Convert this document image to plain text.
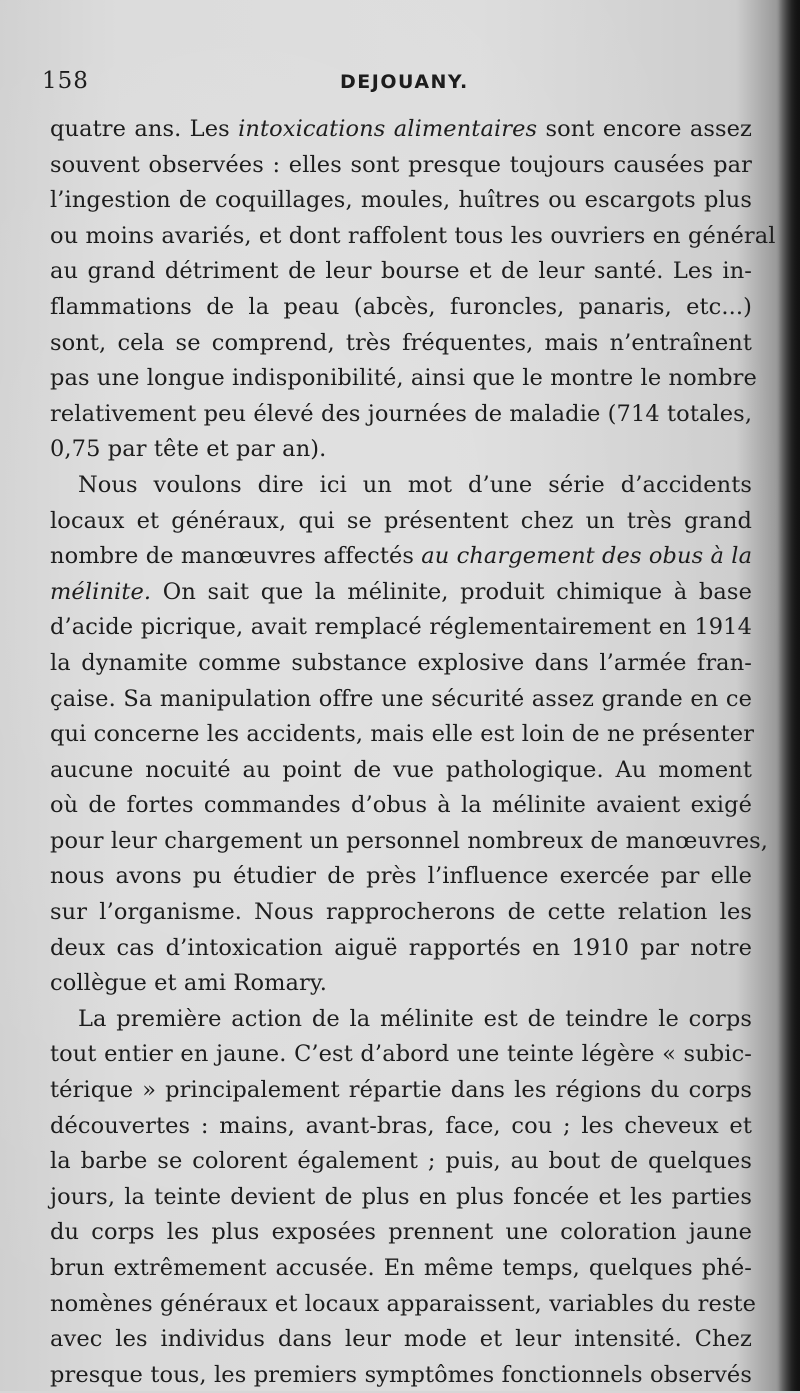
158	DEJOUANY.
quatre ans. Les intoxications alimentaires sont encore assez
souvent observées : elles sont presque toujours causées par
l’ingestion de coquillages, moules, huîtres ou escargots plus
ou moins avariés, et dont raffolent tous les ouvriers en général
au grand détriment de leur bourse et de leur santé. Les in-
flammations de la peau (abcès, furoncles, panaris, etc...)
sont, cela se comprend, très fréquentes, mais n’entraînent
pas une longue indisponibilité, ainsi que le montre le nombre
relativement peu élevé des journées de maladie (714 totales,
0,75 par tête et par an).
Nous voulons dire ici un mot d’une série d’accidents
locaux et généraux, qui se présentent chez un très grand
nombre de manœuvres affectés au chargement des obus à la
mélinite. On sait que la mélinite, produit chimique à base
d’acide picrique, avait remplacé réglementairement en 1914
la dynamite comme substance explosive dans l’armée fran-
çaise. Sa manipulation offre une sécurité assez grande en ce
qui concerne les accidents, mais elle est loin de ne présenter
aucune nocuité au point de vue pathologique. Au moment
où de fortes commandes d’obus à la mélinite avaient exigé
pour leur chargement un personnel nombreux de manœuvres,
nous avons pu étudier de près l’influence exercée par elle
sur l’organisme. Nous rapprocherons de cette relation les
deux cas d’intoxication aiguë rapportés en 1910 par notre
collègue et ami Romary.
La première action de la mélinite est de teindre le corps
tout entier en jaune. C’est d’abord une teinte légère « subic-
térique » principalement répartie dans les régions du corps
découvertes : mains, avant-bras, face, cou ; les cheveux et
la barbe se colorent également ; puis, au bout de quelques
jours, la teinte devient de plus en plus foncée et les parties
du corps les plus exposées prennent une coloration jaune
brun extrêmement accusée. En même temps, quelques phé-
nomènes généraux et locaux apparaissent, variables du reste
avec les individus dans leur mode et leur intensité. Chez
presque tous, les premiers symptômes fonctionnels observés
